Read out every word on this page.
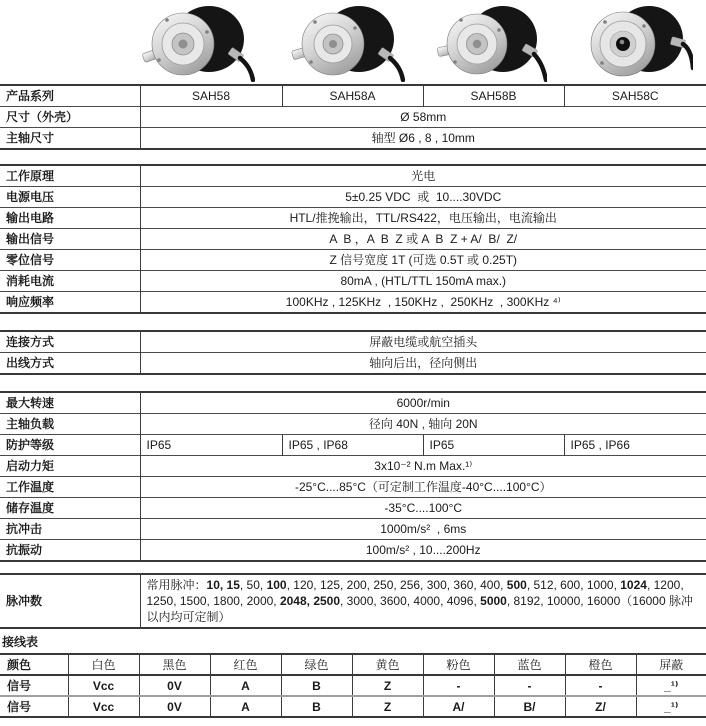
产品系列	SAH58	SAH58A	SAH58B	SAH58C
尺寸（外壳）	Ø 58mm			
主轴尺寸	轴型 Ø6 , 8 , 10mm			
工作原理	光电
电源电压	5±0.25 VDC  或  10....30VDC
输出电路	HTL/推挽输出，TTL/RS422，电压输出，电流输出
输出信号	A  B ，A  B  Z 或 A  B  Z + A/  B/  Z/
零位信号	Z 信号宽度 1T (可选 0.5T 或 0.25T)
消耗电流	80mA , (HTL/TTL 150mA max.)
响应频率	100KHz , 125KHz  , 150KHz ,  250KHz  , 300KHz ⁴⁾
连接方式	屏蔽电缆或航空插头
出线方式	轴向后出，径向侧出
最大转速	6000r/min			
主轴负载	径向 40N , 轴向 20N			
防护等级	IP65	IP65 , IP68	IP65	IP65 , IP66
启动力矩	3x10⁻² N.m Max.¹⁾			
工作温度	-25°C....85°C（可定制工作温度-40°C....100°C）			
储存温度	-35°C....100°C			
抗冲击	1000m/s²  , 6ms			
抗振动	100m/s² , 10....200Hz			
脉冲数	常用脉冲：10, 15, 50, 100, 120, 125, 200, 250, 256, 300, 360, 400, 500, 512, 600, 1000, 1024, 1200, 1250, 1500, 1800, 2000, 2048, 2500, 3000, 3600, 4000, 4096, 5000, 8192, 10000, 16000（16000 脉冲以内均可定制）
接线表
颜色	白色	黑色	红色	绿色	黄色	粉色	蓝色	橙色	屏蔽
信号	Vcc	0V	A	B	Z	-	-	-	_¹⁾
信号	Vcc	0V	A	B	Z	A/	B/	Z/	_¹⁾
